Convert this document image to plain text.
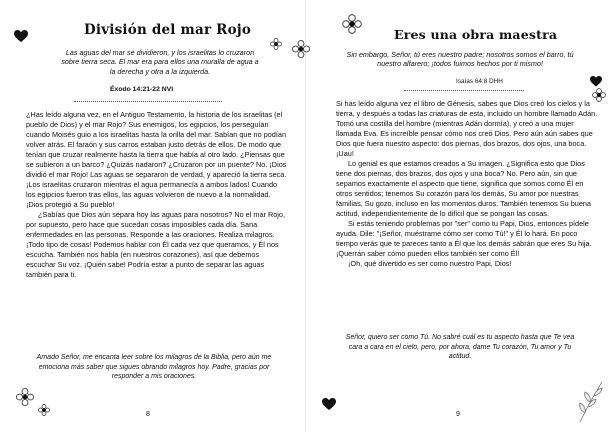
División del mar Rojo

Las aguas del mar se dividieron, y los israelitas lo cruzaron sobre tierra seca. El mar era para ellos una muralla de agua a la derecha y otra a la izquierda.

Éxodo 14:21-22 NVI

¿Has leído alguna vez, en el Antiguo Testamento, la historia de los israelitas (el pueblo de Dios) y el mar Rojo? Sus enemigos, los egipcios, los perseguían cuando Moisés guio a los israelitas hasta la orilla del mar. Sabían que no podían volver atrás. El faraón y sus carros estaban justo detrás de ellos. De modo que tenían que cruzar realmente hasta la tierra que había al otro lado. ¿Piensas que se subieron a un barco? ¿Quizás nadaron? ¿Cruzaron por un puente? No. ¡Dios dividió el mar Rojo! Las aguas se separaron de verdad, y apareció la tierra seca. ¡Los israelitas cruzaron mientras el agua permanecía a ambos lados! Cuando los egipcios fueron tras ellos, las aguas volvieron de nuevo a la normalidad. ¡Dios protegió a Su pueblo!

¿Sabías que Dios aún separa hoy las aguas para nosotros? No el mar Rojo, por supuesto, pero hace que sucedan cosas imposibles cada día. Sana enfermedades en las personas. Responde a las oraciones. Realiza milagros. ¡Todo tipo de cosas! Podemos hablar con Él cada vez que queramos, y Él nos escucha. También nos habla (en nuestros corazones), así que debemos escuchar Su voz. ¡Quién sabe! Podría estar a punto de separar las aguas también para ti.

Amado Señor, me encanta leer sobre los milagros de la Biblia, pero aún me emociona más saber que sigues obrando milagros hoy. Padre, gracias por responder a mis oraciones.

8

Eres una obra maestra

Sin embargo, Señor, tú eres nuestro padre; nosotros somos el barro, tú nuestro alfarero; ¡todos fuimos hechos por ti mismo!

Isaías 64:8 DHH

Si has leído alguna vez el libro de Génesis, sabes que Dios creó los cielos y la tierra, y después a todas las criaturas de esta, incluido un hombre llamado Adán. Tomó una costilla del hombre (mientras Adán dormía), y creó a una mujer llamada Eva. Es increíble pensar cómo nos creó Dios. Pero aún aún sabes que Dios que fuera nuestro aspecto: dos piernas, dos brazos, dos ojos, una boca. ¡Uau!

Lo genial es que estamos creados a Su imagen. ¿Significa esto que Dios tiene dos piernas, dos brazos, dos ojos y una boca? No. Pero aún, sin que sepamos exactamente el aspecto que tiene, significa que somos como Él en otros sentidos; tenemos Su corazón para los demás, Su amor por nuestras familias, Su gozo, incluso en los momentos duros. También tenemos Su buena actitud, independientemente de lo difícil que se pongan las cosas.

Si estás teniendo problemas por "ser" como tu Papi, Dios, entonces pídele ayuda. Dile: "¡Señor, muéstrame cómo ser como Tú!" y Él lo hará. En poco tiempo verás que te pareces tanto a Él que los demás sabrán que eres Su hija. ¡Querrán saber cómo pueden ellos también ser como Él!

¡Oh, qué divertido es ser como nuestro Papi, Dios!

Señor, quiero ser como Tú. No sabré cuál es tu aspecto hasta que Te vea cara a cara en el cielo, pero, por ahora, dame Tu corazón, Tu amor y Tu actitud.

9
